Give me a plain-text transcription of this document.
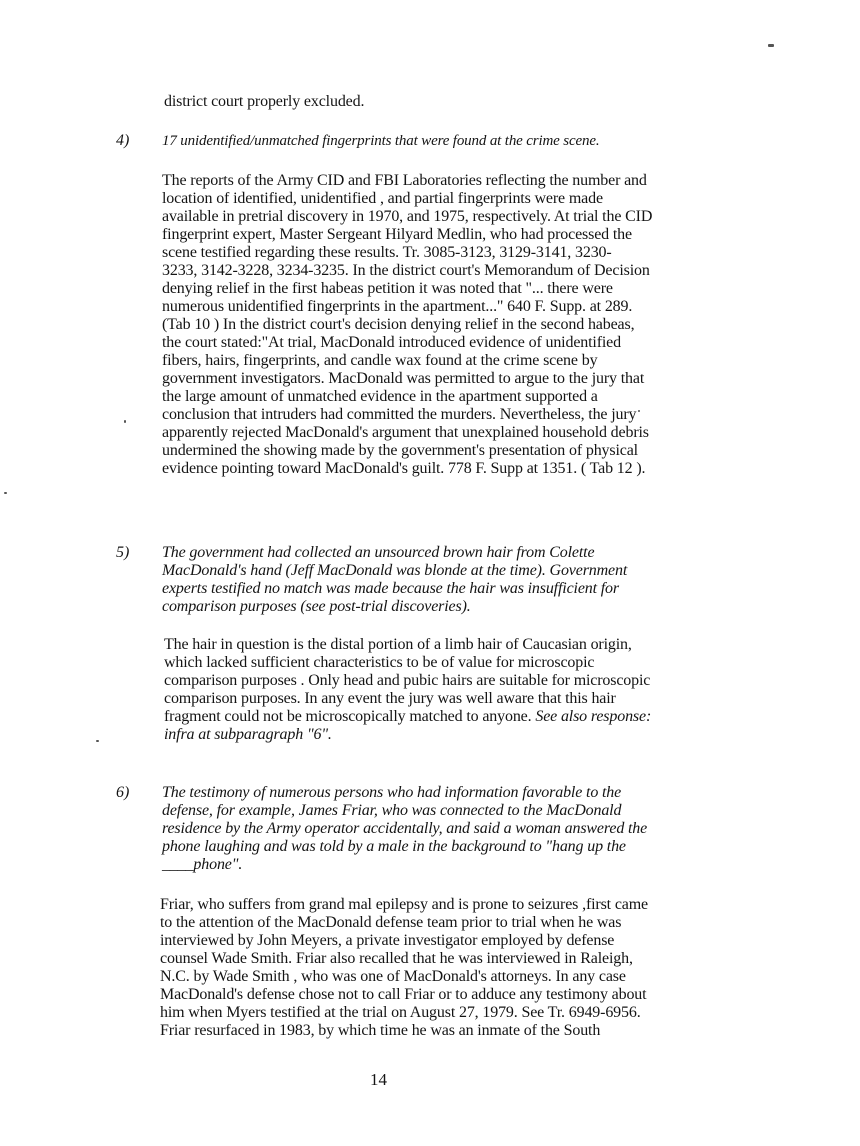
district court properly excluded.
4) 17 unidentified/unmatched fingerprints that were found at the crime scene.
The reports of the Army CID and FBI Laboratories reflecting the number and
location of identified, unidentified , and partial fingerprints were made
available in pretrial discovery in 1970, and 1975, respectively. At trial the CID
fingerprint expert, Master Sergeant Hilyard Medlin, who had processed the
scene testified regarding these results. Tr. 3085-3123, 3129-3141, 3230-
3233, 3142-3228, 3234-3235. In the district court's Memorandum of Decision
denying relief in the first habeas petition it was noted that "... there were
numerous unidentified fingerprints in the apartment..." 640 F. Supp. at 289.
(Tab 10 ) In the district court's decision denying relief in the second habeas,
the court stated:"At trial, MacDonald introduced evidence of unidentified
fibers, hairs, fingerprints, and candle wax found at the crime scene by
government investigators. MacDonald was permitted to argue to the jury that
the large amount of unmatched evidence in the apartment supported a
conclusion that intruders had committed the murders. Nevertheless, the jury
apparently rejected MacDonald's argument that unexplained household debris
undermined the showing made by the government's presentation of physical
evidence pointing toward MacDonald's guilt. 778 F. Supp at 1351. ( Tab 12 ).
5) The government had collected an unsourced brown hair from Colette
MacDonald's hand (Jeff MacDonald was blonde at the time). Government
experts testified no match was made because the hair was insufficient for
comparison purposes (see post-trial discoveries).
The hair in question is the distal portion of a limb hair of Caucasian origin,
which lacked sufficient characteristics to be of value for microscopic
comparison purposes . Only head and pubic hairs are suitable for microscopic
comparison purposes. In any event the jury was well aware that this hair
fragment could not be microscopically matched to anyone. See also response:
infra at subparagraph "6".
6) The testimony of numerous persons who had information favorable to the
defense, for example, James Friar, who was connected to the MacDonald
residence by the Army operator accidentally, and said a woman answered the
phone laughing and was told by a male in the background to "hang up the
____phone".
Friar, who suffers from grand mal epilepsy and is prone to seizures ,first came
to the attention of the MacDonald defense team prior to trial when he was
interviewed by John Meyers, a private investigator employed by defense
counsel Wade Smith. Friar also recalled that he was interviewed in Raleigh,
N.C. by Wade Smith , who was one of MacDonald's attorneys. In any case
MacDonald's defense chose not to call Friar or to adduce any testimony about
him when Myers testified at the trial on August 27, 1979. See Tr. 6949-6956.
Friar resurfaced in 1983, by which time he was an inmate of the South
14
